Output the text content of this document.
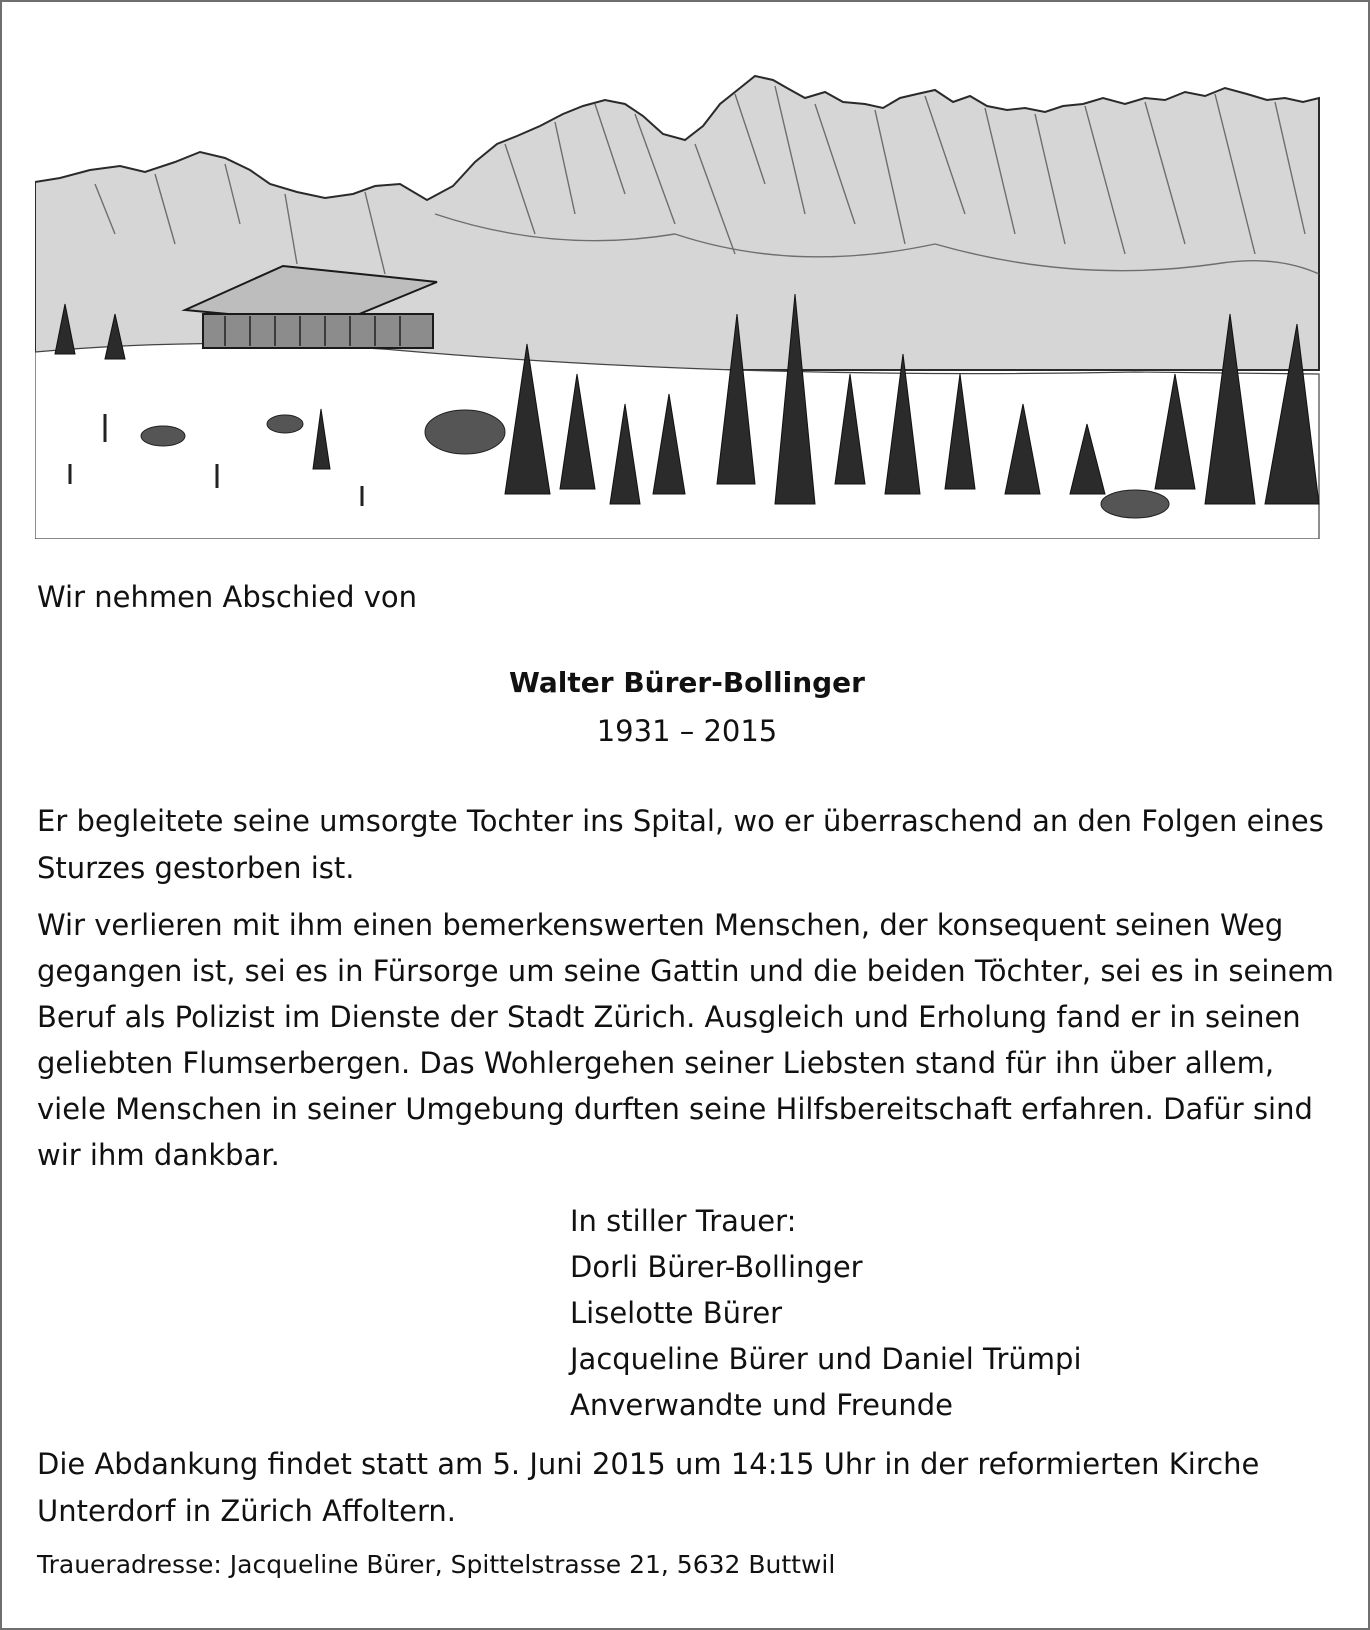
Wir nehmen Abschied von

Walter Bürer-Bollinger

1931 – 2015

Er begleitete seine umsorgte Tochter ins Spital, wo er überraschend an den Folgen eines Sturzes gestorben ist.

Wir verlieren mit ihm einen bemerkenswerten Menschen, der konsequent seinen Weg gegangen ist, sei es in Fürsorge um seine Gattin und die beiden Töchter, sei es in seinem Beruf als Polizist im Dienste der Stadt Zürich. Ausgleich und Erholung fand er in seinen geliebten Flumserbergen. Das Wohlergehen seiner Liebsten stand für ihn über allem, viele Menschen in seiner Umgebung durften seine Hilfsbereitschaft erfahren. Dafür sind wir ihm dankbar.

In stiller Trauer:
Dorli Bürer-Bollinger
Liselotte Bürer
Jacqueline Bürer und Daniel Trümpi
Anverwandte und Freunde

Die Abdankung findet statt am 5. Juni 2015 um 14:15 Uhr in der reformierten Kirche Unterdorf in Zürich Affoltern.

Traueradresse: Jacqueline Bürer, Spittelstrasse 21, 5632 Buttwil
